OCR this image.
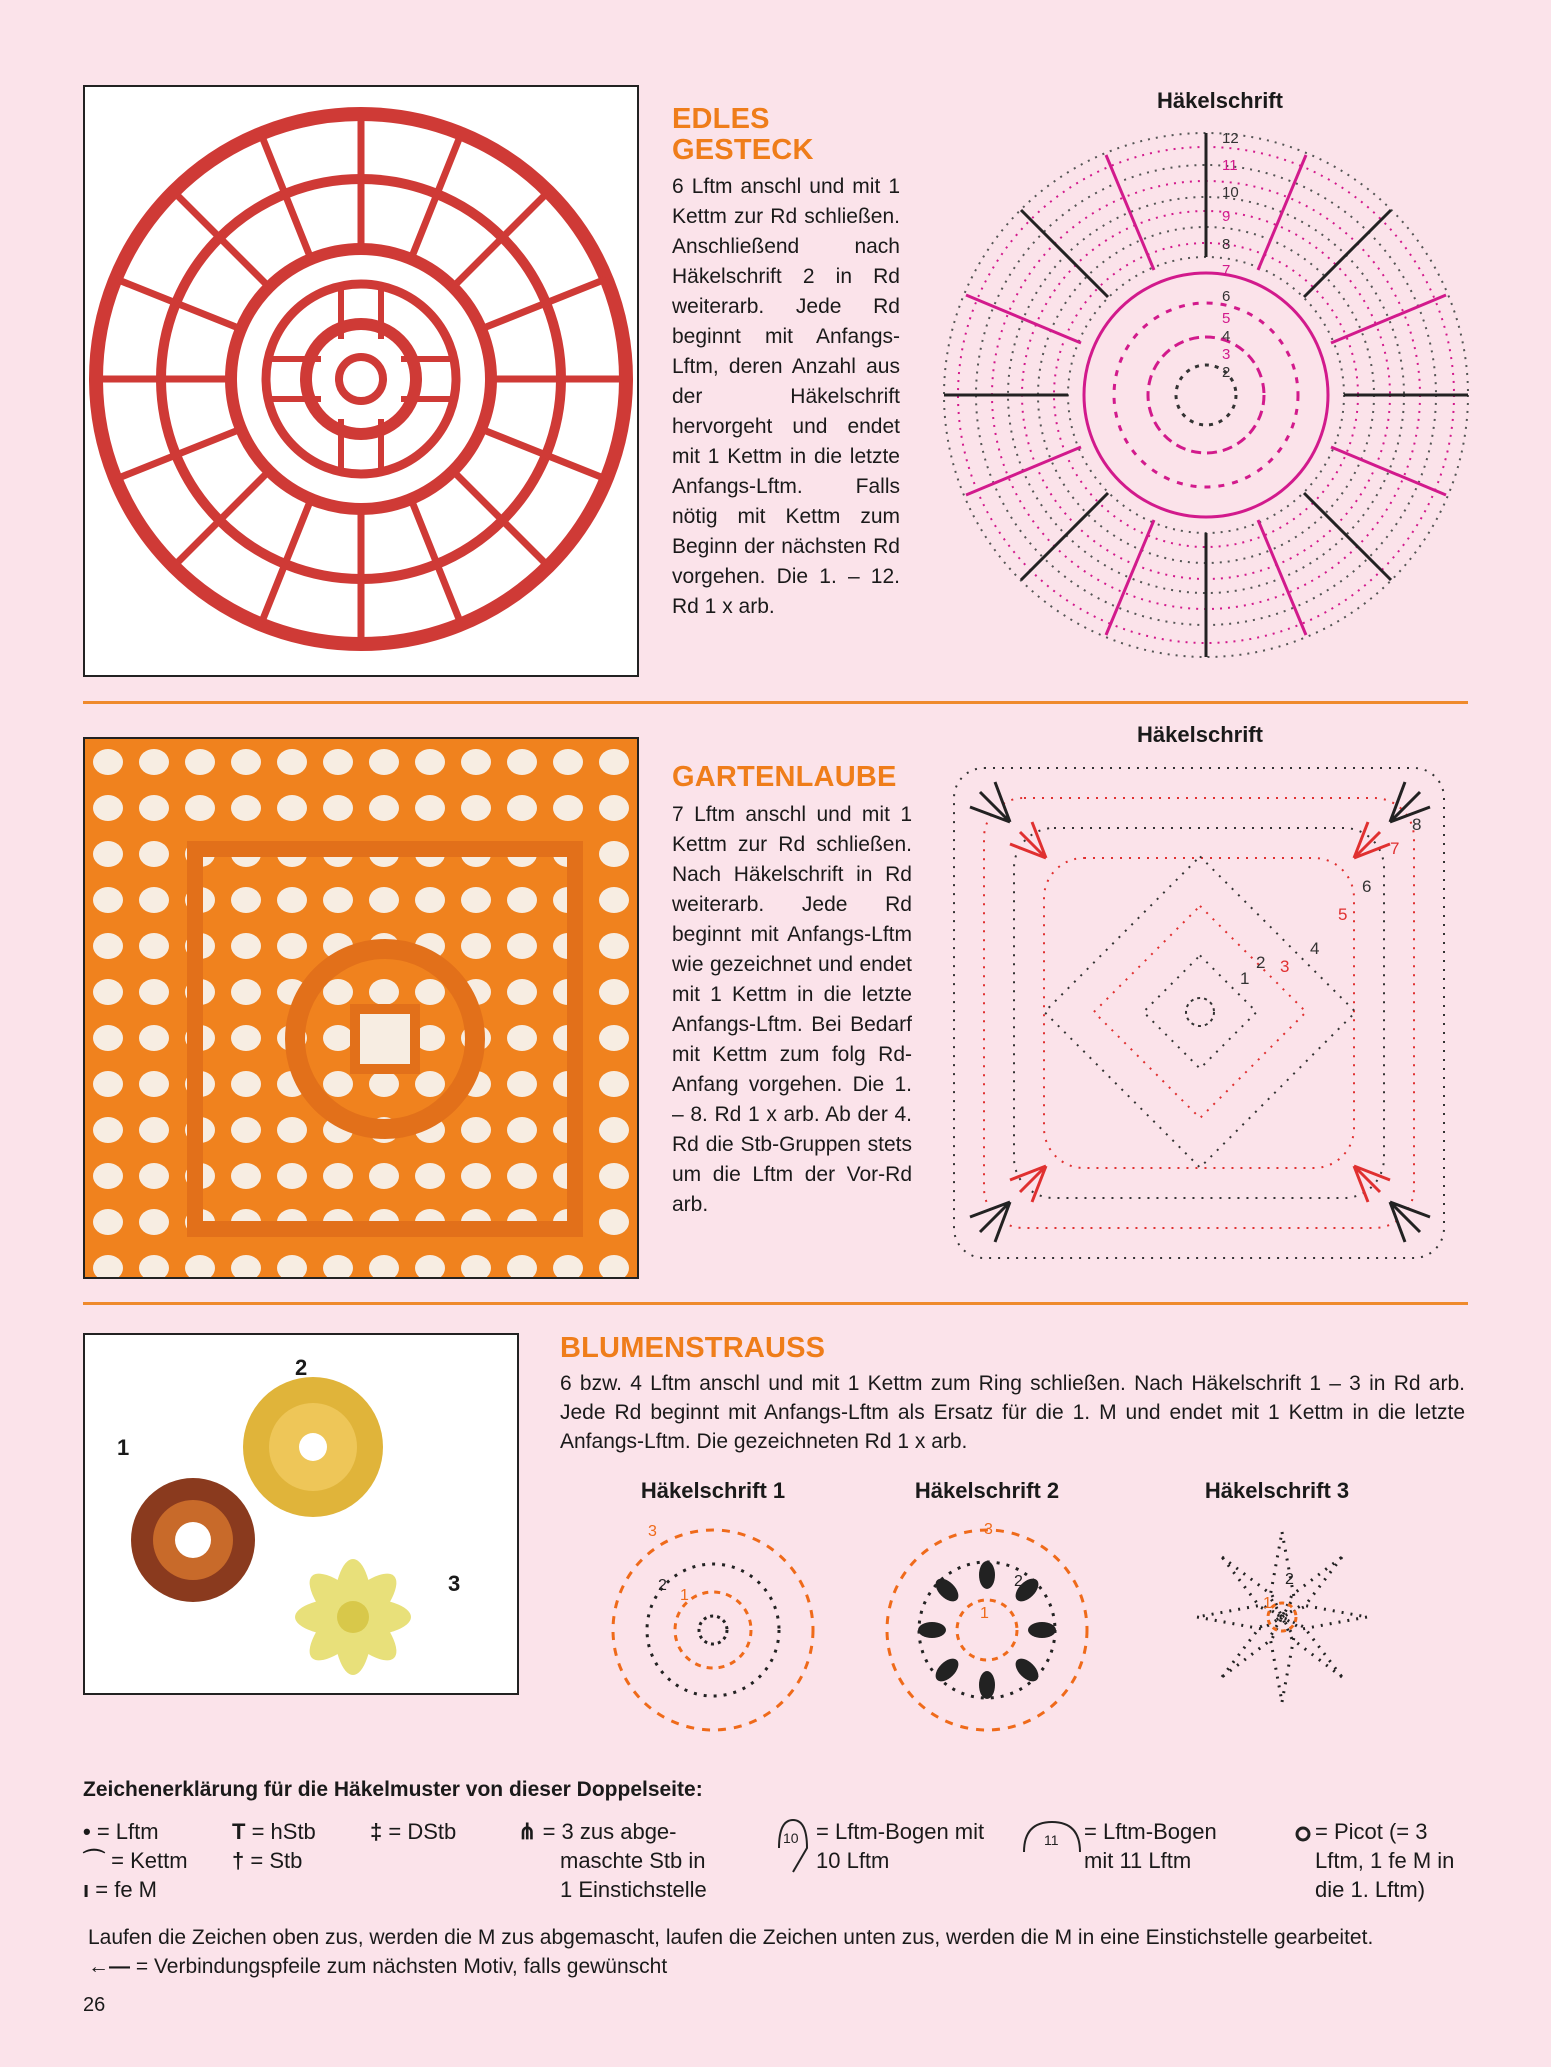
EDLES
GESTECK
6 Lftm anschl und mit 1 Kettm zur Rd schließen. Anschließend nach Häkelschrift 2 in Rd weiterarb. Jede Rd beginnt mit Anfangs-Lftm, deren Anzahl aus der Häkelschrift hervorgeht und endet mit 1 Kettm in die letzte Anfangs-Lftm. Falls nötig mit Kettm zum Beginn der nächsten Rd vorgehen. Die 1. – 12. Rd 1 x arb.
Häkelschrift
12
11
10
9
8
7
6
5
4
3
2
GARTENLAUBE
7 Lftm anschl und mit 1 Kettm zur Rd schließen. Nach Häkelschrift in Rd weiterarb. Jede Rd beginnt mit Anfangs-Lftm wie gezeichnet und endet mit 1 Kettm in die letzte Anfangs-Lftm. Bei Bedarf mit Kettm zum folg Rd-Anfang vorgehen. Die 1. – 8. Rd 1 x arb. Ab der 4. Rd die Stb-Gruppen stets um die Lftm der Vor-Rd arb.
Häkelschrift
8
7
6
5
4
3
2
1
1
2
3
BLUMENSTRAUSS
6 bzw. 4 Lftm anschl und mit 1 Kettm zum Ring schließen. Nach Häkelschrift 1 – 3 in Rd arb. Jede Rd beginnt mit Anfangs-Lftm als Ersatz für die 1. M und endet mit 1 Kettm in die letzte Anfangs-Lftm. Die gezeichneten Rd 1 x arb.
Häkelschrift 1	Häkelschrift 2	Häkelschrift 3
3
2
1
3
2
1
2
1
Zeichenerklärung für die Häkelmuster von dieser Doppelseite:
• = Lftm
⌒ = Kettm
ı = fe M
T = hStb
† = Stb
‡ = DStb	⋔ = 3 zus abge-
maschte Stb in
1 Einstichstelle
10 = Lftm-Bogen mit
10 Lftm
11 = Lftm-Bogen
mit 11 Lftm
= Picot (= 3
Lftm, 1 fe M in
die 1. Lftm)
Laufen die Zeichen oben zus, werden die M zus abgemascht, laufen die Zeichen unten zus, werden die M in eine Einstichstelle gearbeitet.
←— = Verbindungspfeile zum nächsten Motiv, falls gewünscht
26
